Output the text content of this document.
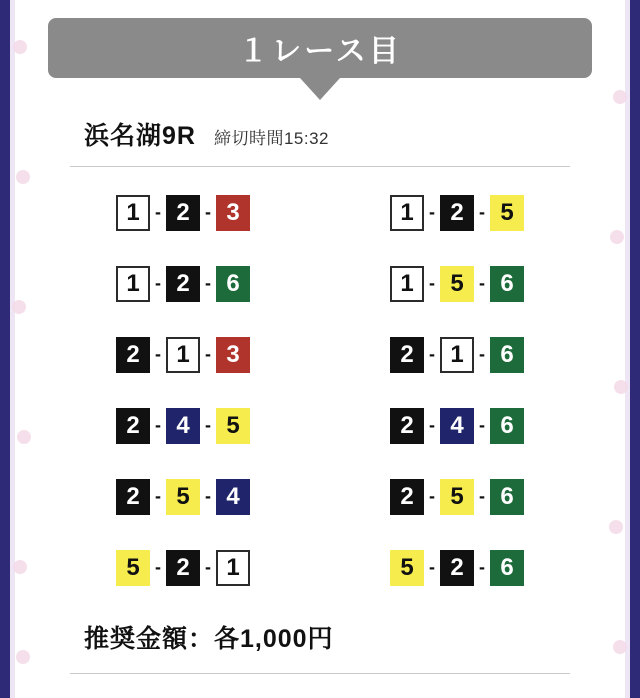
１レース目
浜名湖9R 締切時間15:32
1 - 2 - 3	1 - 2 - 5
1 - 2 - 6	1 - 5 - 6
2 - 1 - 3	2 - 1 - 6
2 - 4 - 5	2 - 4 - 6
2 - 5 - 4	2 - 5 - 6
5 - 2 - 1	5 - 2 - 6
推奨金額：各1,000円
